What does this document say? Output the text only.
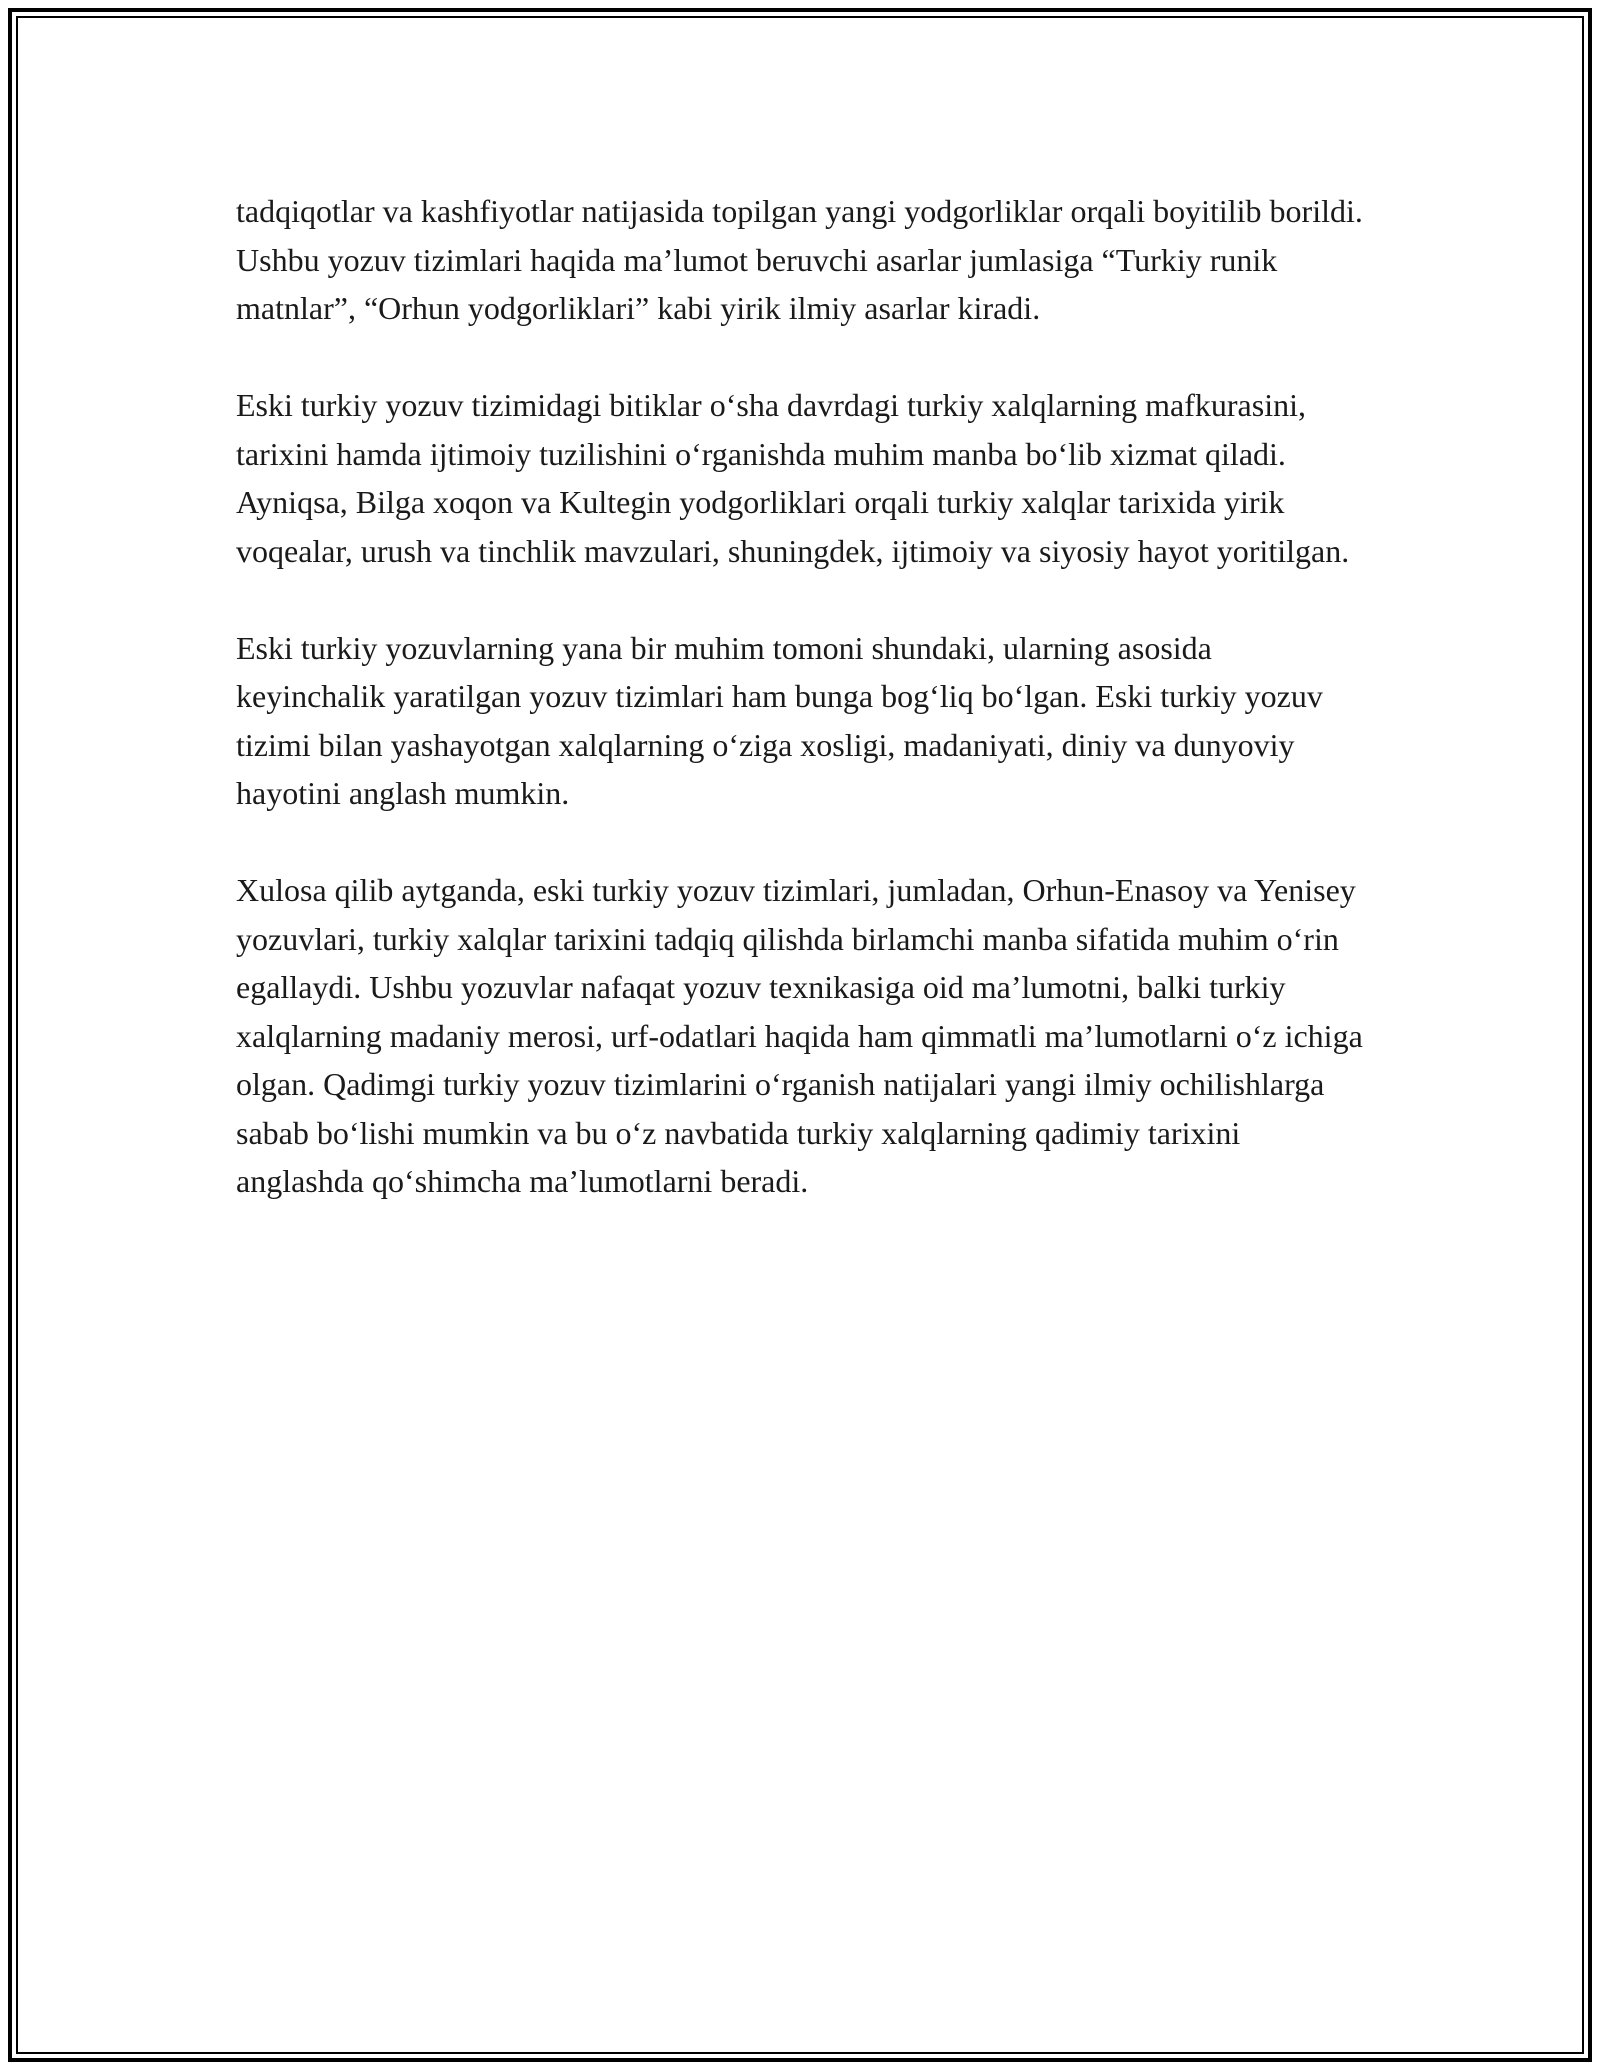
tadqiqotlar va kashfiyotlar natijasida topilgan yangi yodgorliklar orqali boyitilib borildi. Ushbu yozuv tizimlari haqida ma’lumot beruvchi asarlar jumlasiga “Turkiy runik matnlar”, “Orhun yodgorliklari” kabi yirik ilmiy asarlar kiradi.

Eski turkiy yozuv tizimidagi bitiklar o‘sha davrdagi turkiy xalqlarning mafkurasini, tarixini hamda ijtimoiy tuzilishini o‘rganishda muhim manba bo‘lib xizmat qiladi. Ayniqsa, Bilga xoqon va Kultegin yodgorliklari orqali turkiy xalqlar tarixida yirik voqealar, urush va tinchlik mavzulari, shuningdek, ijtimoiy va siyosiy hayot yoritilgan.

Eski turkiy yozuvlarning yana bir muhim tomoni shundaki, ularning asosida keyinchalik yaratilgan yozuv tizimlari ham bunga bog‘liq bo‘lgan. Eski turkiy yozuv tizimi bilan yashayotgan xalqlarning o‘ziga xosligi, madaniyati, diniy va dunyoviy hayotini anglash mumkin.

Xulosa qilib aytganda, eski turkiy yozuv tizimlari, jumladan, Orhun-Enasoy va Yenisey yozuvlari, turkiy xalqlar tarixini tadqiq qilishda birlamchi manba sifatida muhim o‘rin egallaydi. Ushbu yozuvlar nafaqat yozuv texnikasiga oid ma’lumotni, balki turkiy xalqlarning madaniy merosi, urf-odatlari haqida ham qimmatli ma’lumotlarni o‘z ichiga olgan. Qadimgi turkiy yozuv tizimlarini o‘rganish natijalari yangi ilmiy ochilishlarga sabab bo‘lishi mumkin va bu o‘z navbatida turkiy xalqlarning qadimiy tarixini anglashda qo‘shimcha ma’lumotlarni beradi.
